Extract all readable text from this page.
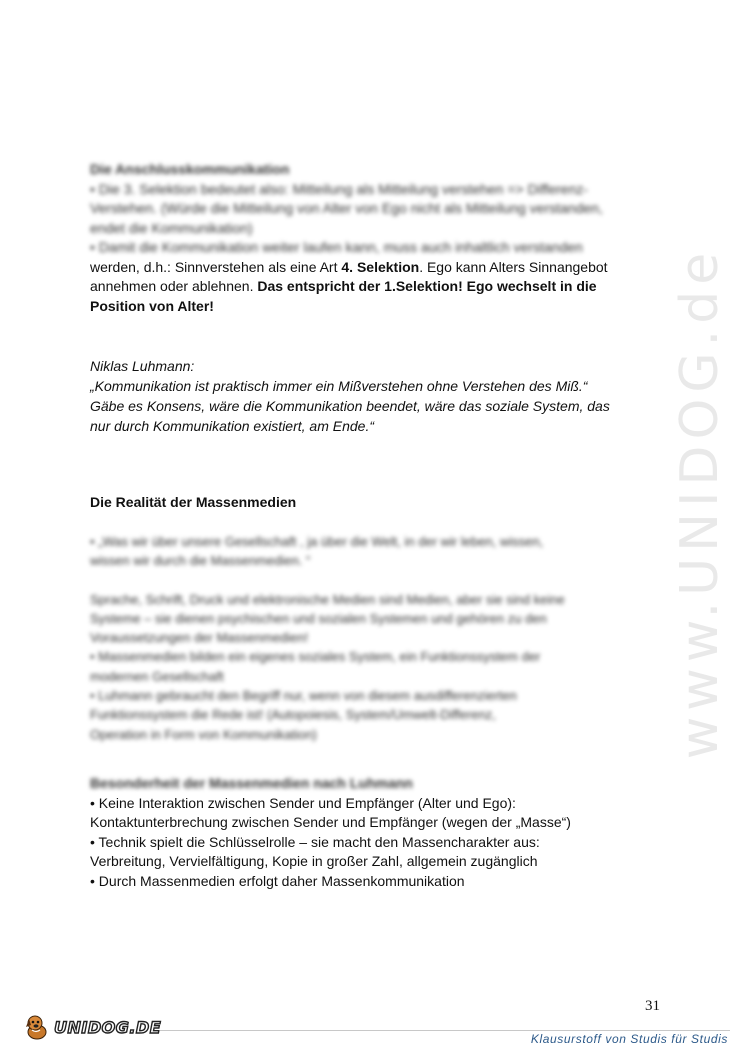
Die Anschlusskommunikation
• Die 3. Selektion bedeutet also: Mitteilung als Mitteilung verstehen => Differenz-
Verstehen. (Würde die Mitteilung von Alter von Ego nicht als Mitteilung verstanden,
endet die Kommunikation)
• Damit die Kommunikation weiter laufen kann, muss auch inhaltlich verstanden
werden, d.h.: Sinnverstehen als eine Art 4. Selektion. Ego kann Alters Sinnangebot
annehmen oder ablehnen. Das entspricht der 1.Selektion! Ego wechselt in die
Position von Alter!
Niklas Luhmann:
„Kommunikation ist praktisch immer ein Mißverstehen ohne Verstehen des Miß.“
Gäbe es Konsens, wäre die Kommunikation beendet, wäre das soziale System, das
nur durch Kommunikation existiert, am Ende.“
Die Realität der Massenmedien
• „Was wir über unsere Gesellschaft , ja über die Welt, in der wir leben, wissen,
wissen wir durch die Massenmedien. “
Sprache, Schrift, Druck und elektronische Medien sind Medien, aber sie sind keine
Systeme – sie dienen psychischen und sozialen Systemen und gehören zu den
Voraussetzungen der Massenmedien!
• Massenmedien bilden ein eigenes soziales System, ein Funktionssystem der
modernen Gesellschaft
• Luhmann gebraucht den Begriff nur, wenn von diesem ausdifferenzierten
Funktionssystem die Rede ist! (Autopoiesis, System/Umwelt-Differenz,
Operation in Form von Kommunikation)
Besonderheit der Massenmedien nach Luhmann
• Keine Interaktion zwischen Sender und Empfänger (Alter und Ego):
Kontaktunterbrechung zwischen Sender und Empfänger (wegen der „Masse“)
• Technik spielt die Schlüsselrolle – sie macht den Massencharakter aus:
Verbreitung, Vervielfältigung, Kopie in großer Zahl, allgemein zugänglich
• Durch Massenmedien erfolgt daher Massenkommunikation
www.UNIDOG.de
31
UNIDOG.DE
Klausurstoff von Studis für Studis
